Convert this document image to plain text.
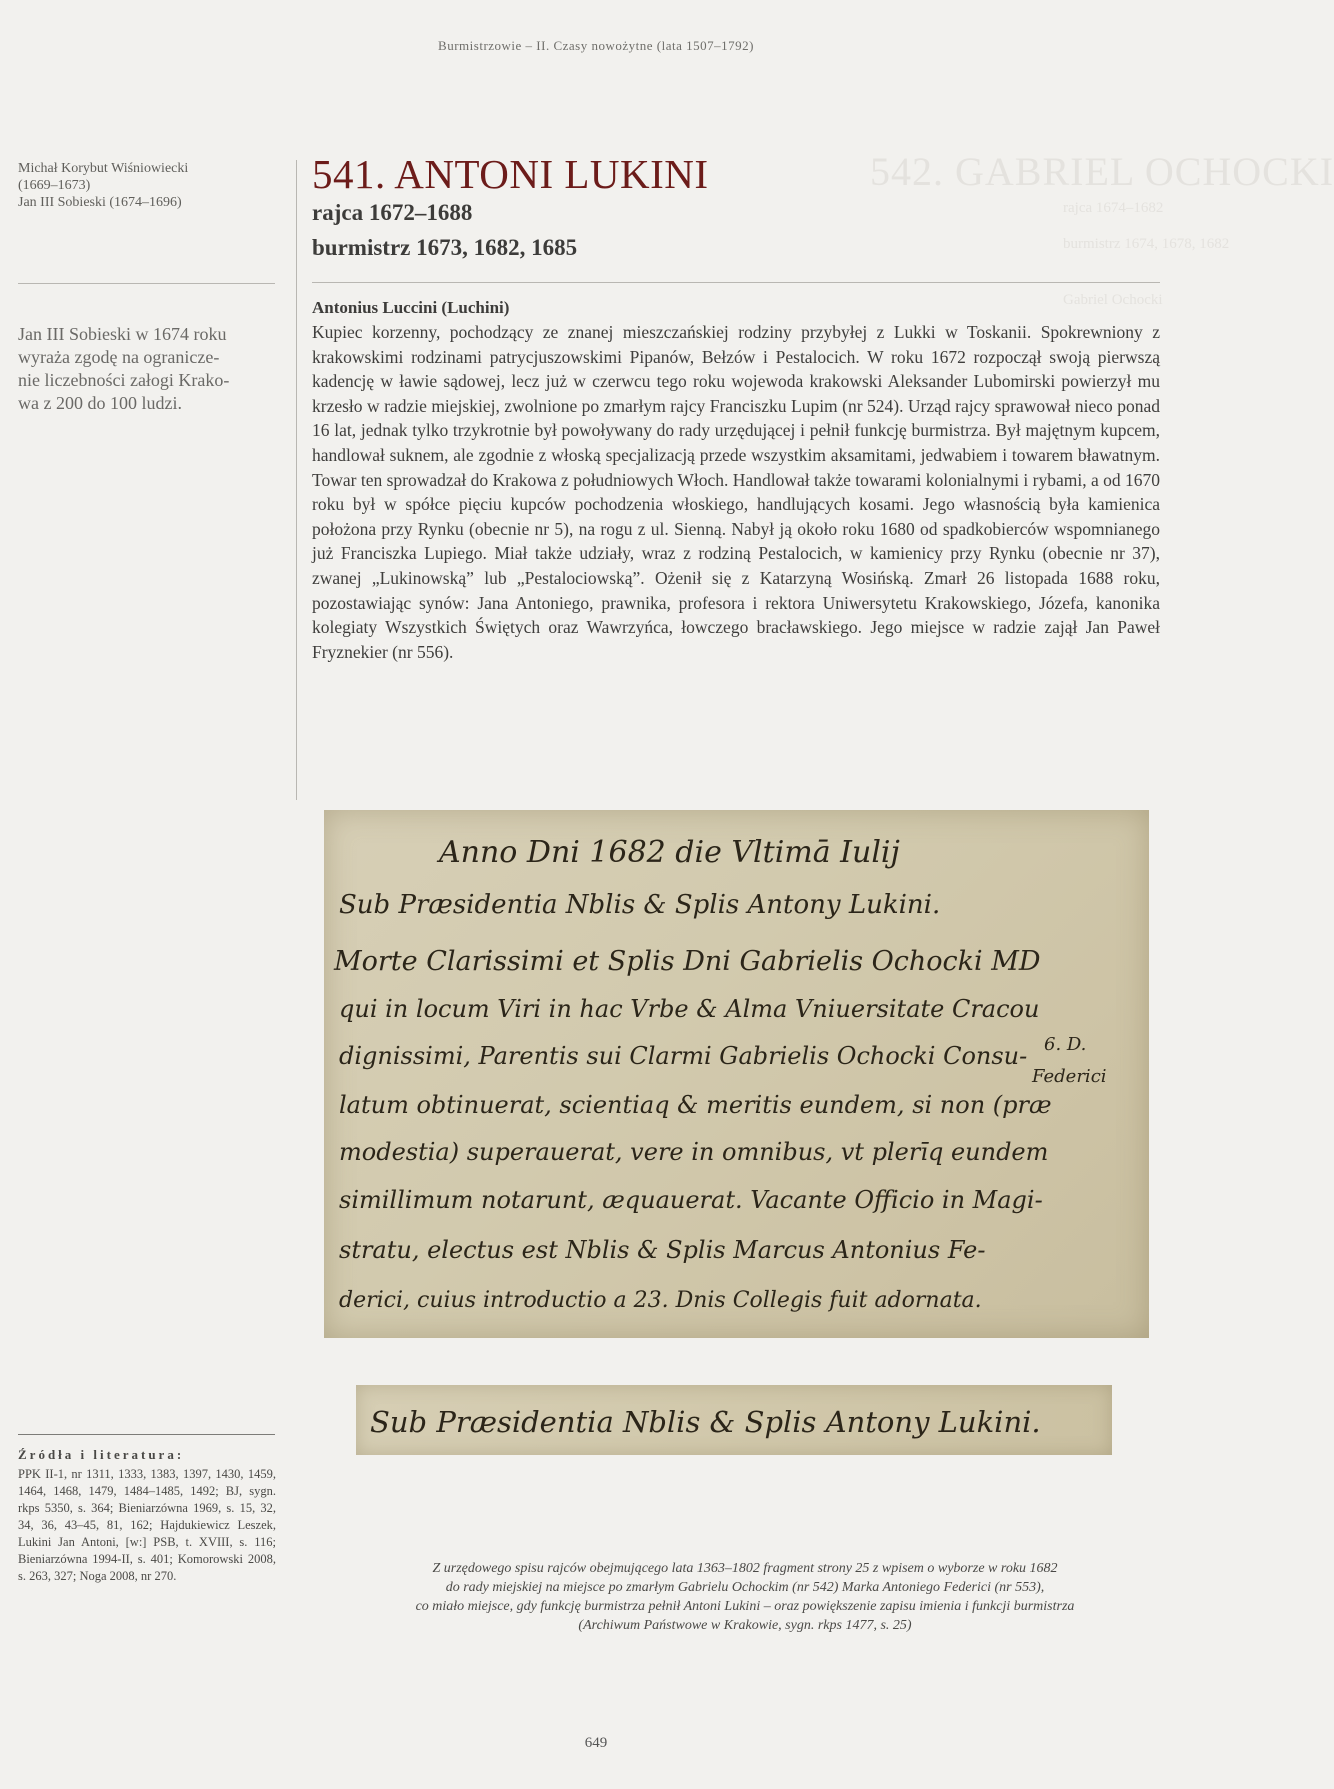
Burmistrzowie – II. Czasy nowożytne (lata 1507–1792)
542. GABRIEL OCHOCKI
rajca 1674–1682
burmistrz 1674, 1678, 1682
Gabriel Ochocki
Michał Korybut Wiśniowiecki
(1669–1673)
Jan III Sobieski (1674–1696)

Jan III Sobieski w 1674 roku

wyraża zgodę na ogranicze-

nie liczebności załogi Krako-

wa z 200 do 100 ludzi.

541. ANTONI LUKINI
rajca 1672–1688
burmistrz 1673, 1682, 1685
Antonius Luccini (Luchini)

Kupiec korzenny, pochodzący ze znanej mieszczańskiej rodziny przybyłej z Lukki w Toskanii. Spokrewniony z krakowskimi rodzinami patrycjuszowskimi Pipanów, Bełzów i Pestalocich. W roku 1672 rozpoczął swoją pierwszą kadencję w ławie sądowej, lecz już w czerwcu tego roku wojewoda krakowski Aleksander Lubomirski powierzył mu krzesło w radzie miejskiej, zwolnione po zmarłym rajcy Franciszku Lupim (nr 524). Urząd rajcy sprawował nieco ponad 16 lat, jednak tylko trzykrotnie był powoływany do rady urzędującej i pełnił funkcję burmistrza. Był majętnym kupcem, handlował suknem, ale zgodnie z włoską specjalizacją przede wszystkim aksamitami, jedwabiem i towarem bławatnym. Towar ten sprowadzał do Krakowa z południowych Włoch. Handlował także towarami kolonialnymi i rybami, a od 1670 roku był w spółce pięciu kupców pochodzenia włoskiego, handlujących kosami. Jego własnością była kamienica położona przy Rynku (obecnie nr 5), na rogu z ul. Sienną. Nabył ją około roku 1680 od spadkobierców wspomnianego już Franciszka Lupiego. Miał także udziały, wraz z rodziną Pestalocich, w kamienicy przy Rynku (obecnie nr 37), zwanej „Lukinowską” lub „Pestalociowską”. Ożenił się z Katarzyną Wosińską. Zmarł 26 listopada 1688 roku, pozostawiając synów: Jana Antoniego, prawnika, profesora i rektora Uniwersytetu Krakowskiego, Józefa, kanonika kolegiaty Wszystkich Świętych oraz Wawrzyńca, łowczego bracławskiego. Jego miejsce w radzie zajął Jan Paweł Fryznekier (nr 556).

Anno Dni 1682 die Vltimā Iulij
Sub Præsidentia Nblis & Splis Antony Lukini.
Morte Clarissimi et Splis Dni Gabrielis Ochocki MD
qui in locum Viri in hac Vrbe & Alma Vniuersitate Cracou
dignissimi, Parentis sui Clarmi Gabrielis Ochocki Consu-
latum obtinuerat, scientiaq & meritis eundem, si non (præ
modestia) superauerat, vere in omnibus, vt plerīq eundem
simillimum notarunt, æquauerat. Vacante Officio in Magi-
stratu, electus est Nblis & Splis Marcus Antonius Fe-
derici, cuius introductio a 23. Dnis Collegis fuit adornata.
6. D.
Federici
Sub Præsidentia Nblis & Splis Antony Lukini.
Źródła i literatura:
PPK II-1, nr 1311, 1333, 1383, 1397, 1430, 1459, 1464, 1468, 1479, 1484–1485, 1492; BJ, sygn. rkps 5350, s. 364; Bieniarzówna 1969, s. 15, 32, 34, 36, 43–45, 81, 162; Hajdukiewicz Leszek, Lukini Jan Antoni, [w:] PSB, t. XVIII, s. 116; Bieniarzówna 1994-II, s. 401; Komorowski 2008, s. 263, 327; Noga 2008, nr 270.	Z urzędowego spisu rajców obejmującego lata 1363–1802 fragment strony 25 z wpisem o wyborze w roku 1682
do rady miejskiej na miejsce po zmarłym Gabrielu Ochockim (nr 542) Marka Antoniego Federici (nr 553),
co miało miejsce, gdy funkcję burmistrza pełnił Antoni Lukini – oraz powiększenie zapisu imienia i funkcji burmistrza
(Archiwum Państwowe w Krakowie, sygn. rkps 1477, s. 25)
649
